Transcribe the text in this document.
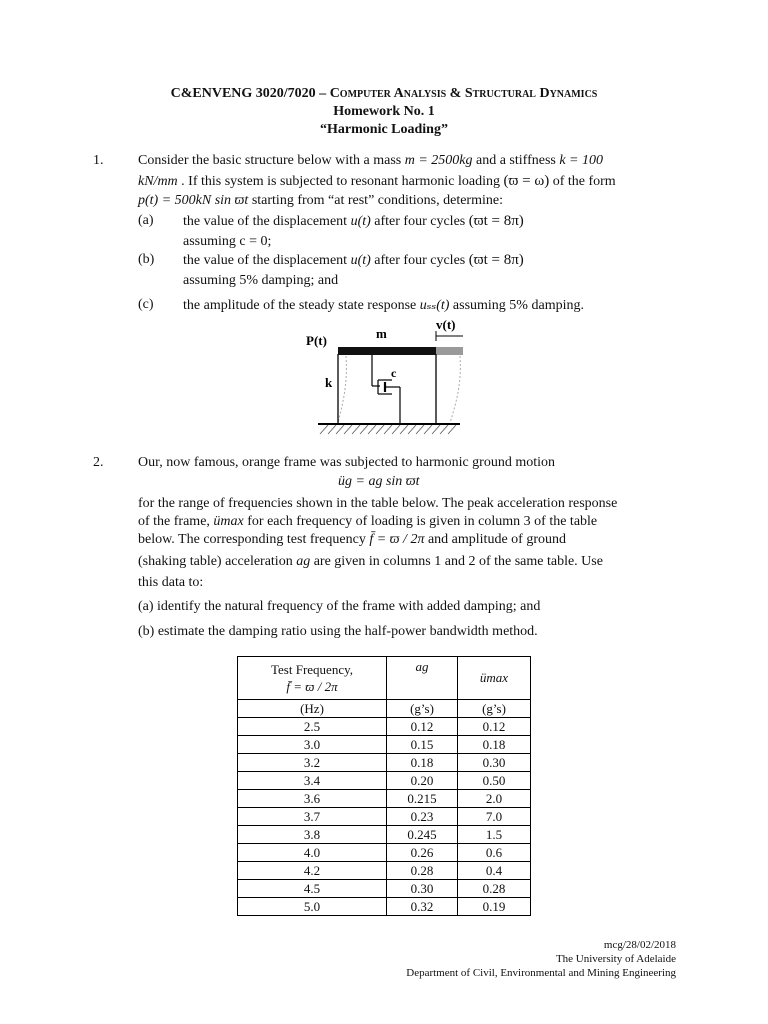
C&ENVENG 3020/7020 – Computer Analysis & Structural Dynamics
Homework No. 1
“Harmonic Loading”
1. Consider the basic structure below with a mass m = 2500kg and a stiffness k = 100
kN/mm . If this system is subjected to resonant harmonic loading (ϖ = ω) of the form
p(t) = 500kN sin ϖt starting from “at rest” conditions, determine:
(a) the value of the displacement u(t) after four cycles (ϖt = 8π)
assuming c = 0;
(b) the value of the displacement u(t) after four cycles (ϖt = 8π)
assuming 5% damping; and
(c) the amplitude of the steady state response uₛₛ(t) assuming 5% damping.
P(t)	m
v(t)
k
c
2. Our, now famous, orange frame was subjected to harmonic ground motion
üg = ag sin ϖt
for the range of frequencies shown in the table below. The peak acceleration response
of the frame, ümax for each frequency of loading is given in column 3 of the table
below. The corresponding test frequency f̄ = ϖ / 2π and amplitude of ground
(shaking table) acceleration ag are given in columns 1 and 2 of the same table. Use
this data to:
(a) identify the natural frequency of the frame with added damping; and
(b) estimate the damping ratio using the half-power bandwidth method.
Test Frequency,
f̄ = ϖ / 2π	ag	ümax
(Hz)	(g’s)	(g’s)
2.5	0.12	0.12
3.0	0.15	0.18
3.2	0.18	0.30
3.4	0.20	0.50
3.6	0.215	2.0
3.7	0.23	7.0
3.8	0.245	1.5
4.0	0.26	0.6
4.2	0.28	0.4
4.5	0.30	0.28
5.0	0.32	0.19
mcg/28/02/2018
The University of Adelaide
Department of Civil, Environmental and Mining Engineering
